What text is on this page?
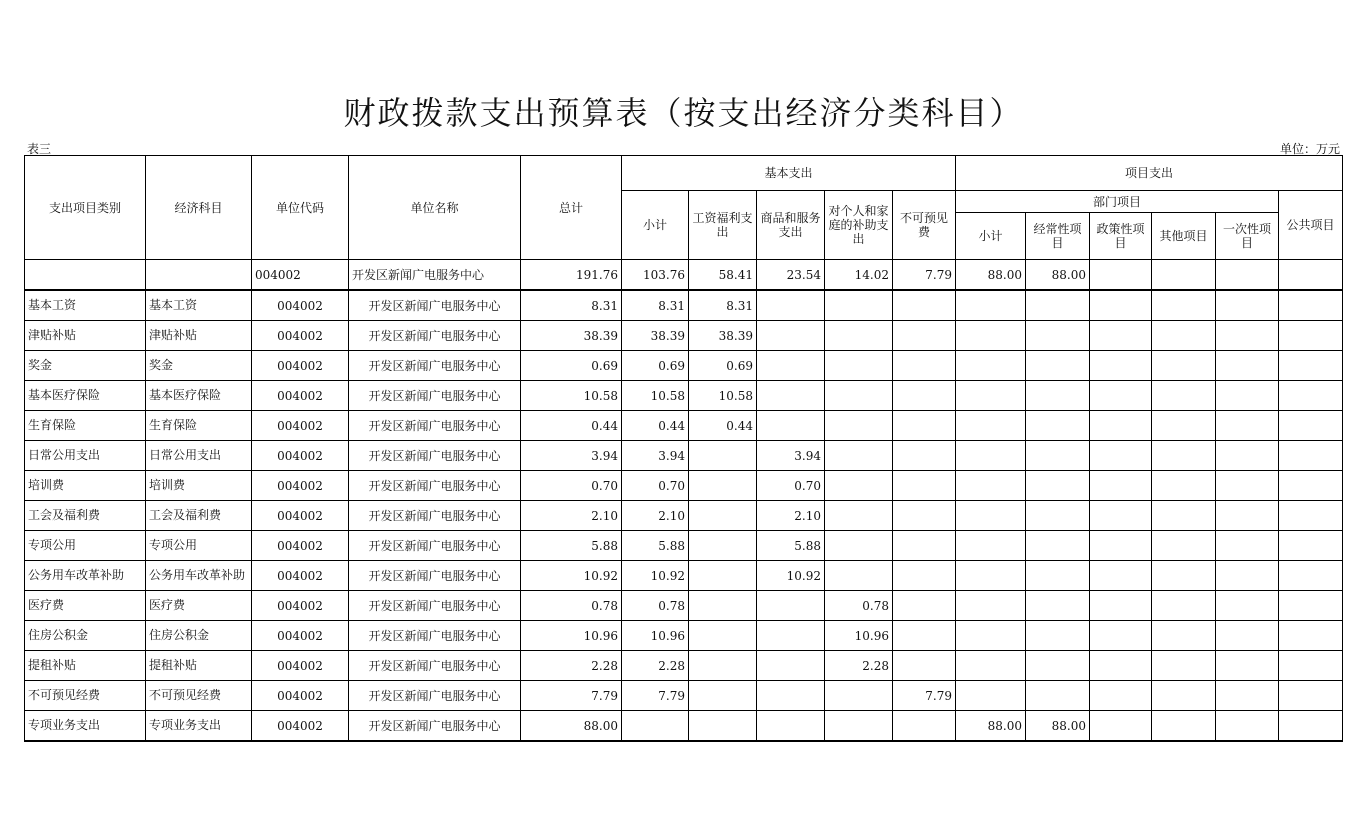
财政拨款支出预算表（按支出经济分类科目）
表三	单位：万元
支出项目类别	经济科目	单位代码	单位名称	总计	基本支出					项目支出					
					小计	工资福利支出	商品和服务支出	对个人和家庭的补助支出	不可预见费	部门项目					公共项目
										小计	经常性项目	政策性项目	其他项目	一次性项目	
		004002	开发区新闻广电服务中心	191.76	103.76	58.41	23.54	14.02	7.79	88.00	88.00				
基本工资	基本工资	004002	开发区新闻广电服务中心	8.31	8.31	8.31									
津贴补贴	津贴补贴	004002	开发区新闻广电服务中心	38.39	38.39	38.39									
奖金	奖金	004002	开发区新闻广电服务中心	0.69	0.69	0.69									
基本医疗保险	基本医疗保险	004002	开发区新闻广电服务中心	10.58	10.58	10.58									
生育保险	生育保险	004002	开发区新闻广电服务中心	0.44	0.44	0.44									
日常公用支出	日常公用支出	004002	开发区新闻广电服务中心	3.94	3.94		3.94								
培训费	培训费	004002	开发区新闻广电服务中心	0.70	0.70		0.70								
工会及福利费	工会及福利费	004002	开发区新闻广电服务中心	2.10	2.10		2.10								
专项公用	专项公用	004002	开发区新闻广电服务中心	5.88	5.88		5.88								
公务用车改革补助	公务用车改革补助	004002	开发区新闻广电服务中心	10.92	10.92		10.92								
医疗费	医疗费	004002	开发区新闻广电服务中心	0.78	0.78			0.78							
住房公积金	住房公积金	004002	开发区新闻广电服务中心	10.96	10.96			10.96							
提租补贴	提租补贴	004002	开发区新闻广电服务中心	2.28	2.28			2.28							
不可预见经费	不可预见经费	004002	开发区新闻广电服务中心	7.79	7.79				7.79						
专项业务支出	专项业务支出	004002	开发区新闻广电服务中心	88.00						88.00	88.00				
